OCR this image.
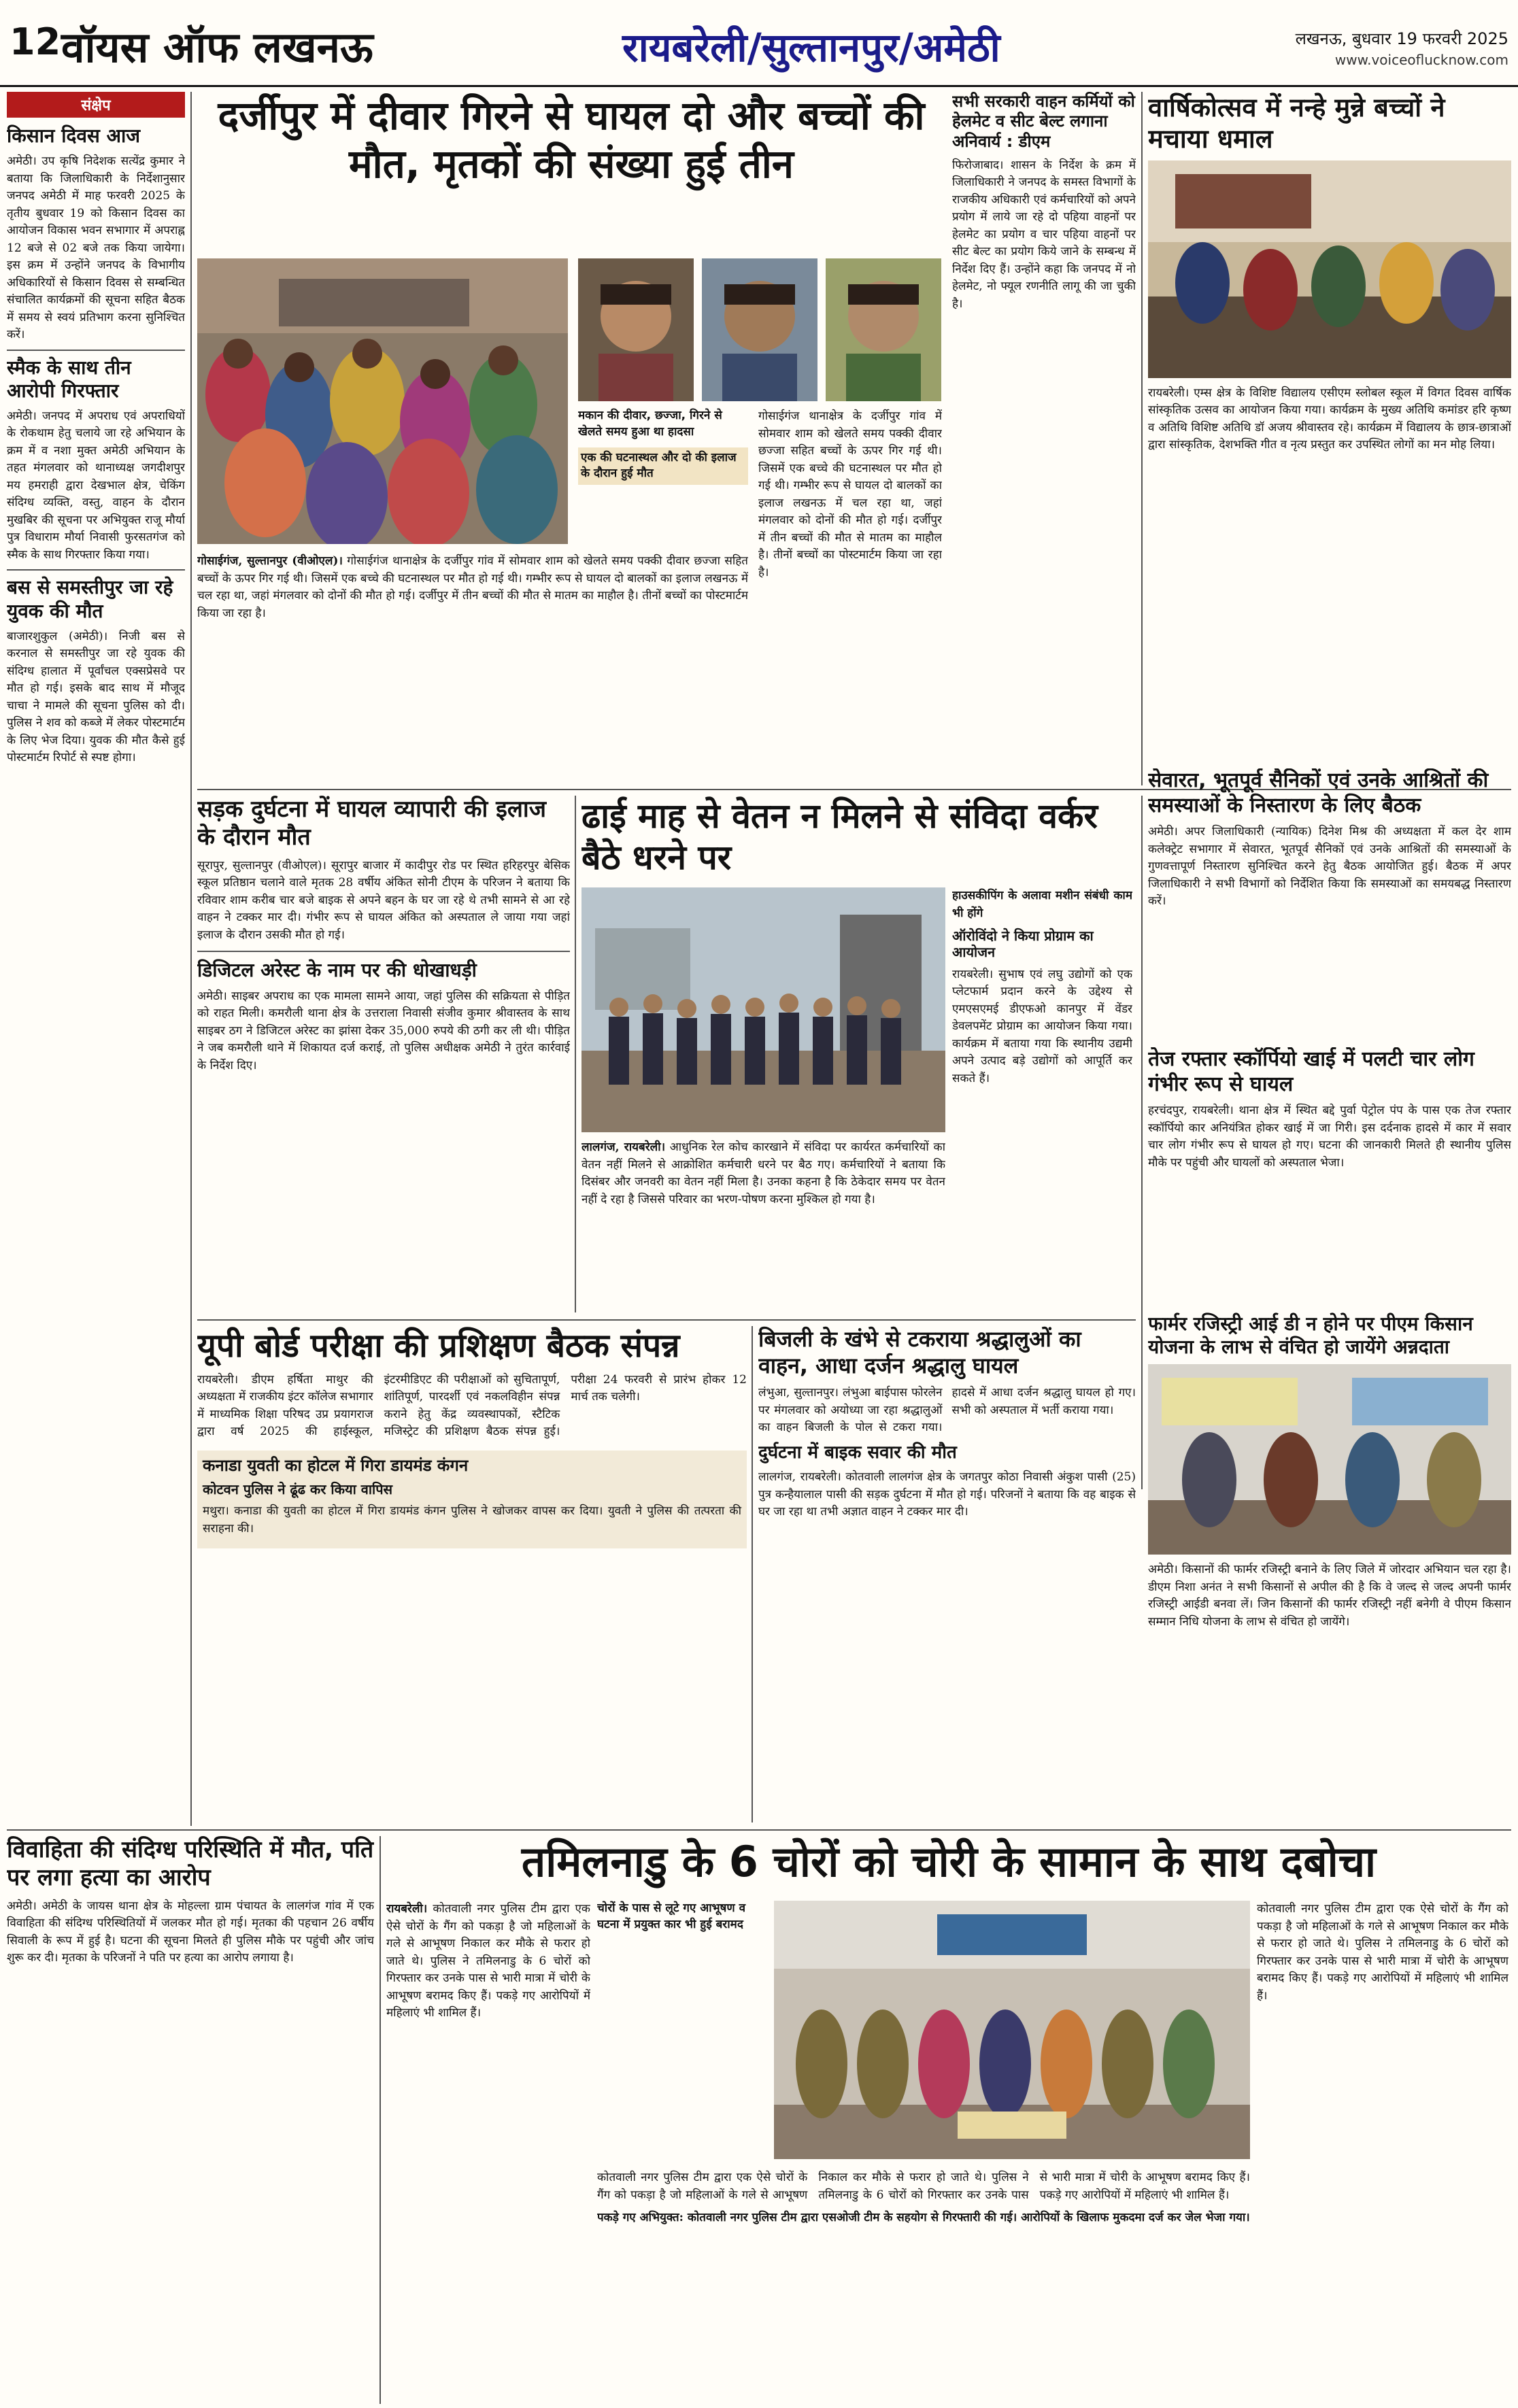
12 वॉयस ऑफ लखनऊ	रायबरेली/सुल्तानपुर/अमेठी	लखनऊ, बुधवार 19 फरवरी 2025
www.voiceoflucknow.com
संक्षेप
किसान दिवस आज

अमेठी। उप कृषि निदेशक सत्येंद्र कुमार ने बताया कि जिलाधिकारी के निर्देशानुसार जनपद अमेठी में माह फरवरी 2025 के तृतीय बुधवार 19 को किसान दिवस का आयोजन विकास भवन सभागार में अपराह्न 12 बजे से 02 बजे तक किया जायेगा। इस क्रम में उन्होंने जनपद के विभागीय अधिकारियों से किसान दिवस से सम्बन्धित संचालित कार्यक्रमों की सूचना सहित बैठक में समय से स्वयं प्रतिभाग करना सुनिश्चित करें।

स्मैक के साथ तीन आरोपी गिरफ्तार

अमेठी। जनपद में अपराध एवं अपराधियों के रोकथाम हेतु चलाये जा रहे अभियान के क्रम में व नशा मुक्त अमेठी अभियान के तहत मंगलवार को थानाध्यक्ष जगदीशपुर मय हमराही द्वारा देखभाल क्षेत्र, चेकिंग संदिग्ध व्यक्ति, वस्तु, वाहन के दौरान मुखबिर की सूचना पर अभियुक्त राजू मौर्या पुत्र विधाराम मौर्या निवासी फुरसतगंज को स्मैक के साथ गिरफ्तार किया गया।

बस से समस्तीपुर जा रहे युवक की मौत

बाजारशुकुल (अमेठी)। निजी बस से करनाल से समस्तीपुर जा रहे युवक की संदिग्ध हालात में पूर्वांचल एक्सप्रेसवे पर मौत हो गई। इसके बाद साथ में मौजूद चाचा ने मामले की सूचना पुलिस को दी। पुलिस ने शव को कब्जे में लेकर पोस्टमार्टम के लिए भेज दिया। युवक की मौत कैसे हुई पोस्टमार्टम रिपोर्ट से स्पष्ट होगा।

दर्जीपुर में दीवार गिरने से घायल दो और बच्चों की मौत, मृतकों की संख्या हुई तीन
मकान की दीवार, छज्जा, गिरने से खेलते समय हुआ था हादसा
एक की घटनास्थल और दो की इलाज के दौरान हुई मौत

गोसाईगंज थानाक्षेत्र के दर्जीपुर गांव में सोमवार शाम को खेलते समय पक्की दीवार छज्जा सहित बच्चों के ऊपर गिर गई थी। जिसमें एक बच्चे की घटनास्थल पर मौत हो गई थी। गम्भीर रूप से घायल दो बालकों का इलाज लखनऊ में चल रहा था, जहां मंगलवार को दोनों की मौत हो गई। दर्जीपुर में तीन बच्चों की मौत से मातम का माहौल है। तीनों बच्चों का पोस्टमार्टम किया जा रहा है।

गोसाईगंज, सुल्तानपुर (वीओएल)। गोसाईगंज थानाक्षेत्र के दर्जीपुर गांव में सोमवार शाम को खेलते समय पक्की दीवार छज्जा सहित बच्चों के ऊपर गिर गई थी। जिसमें एक बच्चे की घटनास्थल पर मौत हो गई थी। गम्भीर रूप से घायल दो बालकों का इलाज लखनऊ में चल रहा था, जहां मंगलवार को दोनों की मौत हो गई। दर्जीपुर में तीन बच्चों की मौत से मातम का माहौल है। तीनों बच्चों का पोस्टमार्टम किया जा रहा है।

सभी सरकारी वाहन कर्मियों को हेलमेट व सीट बेल्ट लगाना अनिवार्य : डीएम

फिरोजाबाद। शासन के निर्देश के क्रम में जिलाधिकारी ने जनपद के समस्त विभागों के राजकीय अधिकारी एवं कर्मचारियों को अपने प्रयोग में लाये जा रहे दो पहिया वाहनों पर हेलमेट का प्रयोग व चार पहिया वाहनों पर सीट बेल्ट का प्रयोग किये जाने के सम्बन्ध में निर्देश दिए हैं। उन्होंने कहा कि जनपद में नो हेलमेट, नो फ्यूल रणनीति लागू की जा चुकी है।

वार्षिकोत्सव में नन्हे मुन्ने बच्चों ने मचाया धमाल

रायबरेली। एम्स क्षेत्र के विशिष्ट विद्यालय एसीएम स्लोबल स्कूल में विगत दिवस वार्षिक सांस्कृतिक उत्सव का आयोजन किया गया। कार्यक्रम के मुख्य अतिथि कमांडर हरि कृष्ण व अतिथि विशिष्ट अतिथि डॉ अजय श्रीवास्तव रहे। कार्यक्रम में विद्यालय के छात्र-छात्राओं द्वारा सांस्कृतिक, देशभक्ति गीत व नृत्य प्रस्तुत कर उपस्थित लोगों का मन मोह लिया।

सड़क दुर्घटना में घायल व्यापारी की इलाज के दौरान मौत

सूरापुर, सुल्तानपुर (वीओएल)। सूरापुर बाजार में कादीपुर रोड पर स्थित हरिहरपुर बेसिक स्कूल प्रतिष्ठान चलाने वाले मृतक 28 वर्षीय अंकित सोनी टीएम के परिजन ने बताया कि रविवार शाम करीब चार बजे बाइक से अपने बहन के घर जा रहे थे तभी सामने से आ रहे वाहन ने टक्कर मार दी। गंभीर रूप से घायल अंकित को अस्पताल ले जाया गया जहां इलाज के दौरान उसकी मौत हो गई।

डिजिटल अरेस्ट के नाम पर की धोखाधड़ी

अमेठी। साइबर अपराध का एक मामला सामने आया, जहां पुलिस की सक्रियता से पीड़ित को राहत मिली। कमरौली थाना क्षेत्र के उत्तराला निवासी संजीव कुमार श्रीवास्तव के साथ साइबर ठग ने डिजिटल अरेस्ट का झांसा देकर 35,000 रुपये की ठगी कर ली थी। पीड़ित ने जब कमरौली थाने में शिकायत दर्ज कराई, तो पुलिस अधीक्षक अमेठी ने तुरंत कार्रवाई के निर्देश दिए।

ढाई माह से वेतन न मिलने से संविदा वर्कर बैठे धरने पर

लालगंज, रायबरेली। आधुनिक रेल कोच कारखाने में संविदा पर कार्यरत कर्मचारियों का वेतन नहीं मिलने से आक्रोशित कर्मचारी धरने पर बैठ गए। कर्मचारियों ने बताया कि दिसंबर और जनवरी का वेतन नहीं मिला है। उनका कहना है कि ठेकेदार समय पर वेतन नहीं दे रहा है जिससे परिवार का भरण-पोषण करना मुश्किल हो गया है।

हाउसकीपिंग के अलावा मशीन संबंधी काम भी होंगे

ऑरोविंदो ने किया प्रोग्राम का आयोजन

रायबरेली। सुभाष एवं लघु उद्योगों को एक प्लेटफार्म प्रदान करने के उद्देश्य से एमएसएमई डीएफओ कानपुर में वेंडर डेवलपमेंट प्रोग्राम का आयोजन किया गया। कार्यक्रम में बताया गया कि स्थानीय उद्यमी अपने उत्पाद बड़े उद्योगों को आपूर्ति कर सकते हैं।

सेवारत, भूतपूर्व सैनिकों एवं उनके आश्रितों की समस्याओं के निस्तारण के लिए बैठक

अमेठी। अपर जिलाधिकारी (न्यायिक) दिनेश मिश्र की अध्यक्षता में कल देर शाम कलेक्ट्रेट सभागार में सेवारत, भूतपूर्व सैनिकों एवं उनके आश्रितों की समस्याओं के गुणवत्तापूर्ण निस्तारण सुनिश्चित करने हेतु बैठक आयोजित हुई। बैठक में अपर जिलाधिकारी ने सभी विभागों को निर्देशित किया कि समस्याओं का समयबद्ध निस्तारण करें।

तेज रफ्तार स्कॉर्पियो खाई में पलटी चार लोग गंभीर रूप से घायल

हरचंदपुर, रायबरेली। थाना क्षेत्र में स्थित बद्दे पुर्वा पेट्रोल पंप के पास एक तेज रफ्तार स्कॉर्पियो कार अनियंत्रित होकर खाई में जा गिरी। इस दर्दनाक हादसे में कार में सवार चार लोग गंभीर रूप से घायल हो गए। घटना की जानकारी मिलते ही स्थानीय पुलिस मौके पर पहुंची और घायलों को अस्पताल भेजा।

फार्मर रजिस्ट्री आई डी न होने पर पीएम किसान योजना के लाभ से वंचित हो जायेंगे अन्नदाता

अमेठी। किसानों की फार्मर रजिस्ट्री बनाने के लिए जिले में जोरदार अभियान चल रहा है। डीएम निशा अनंत ने सभी किसानों से अपील की है कि वे जल्द से जल्द अपनी फार्मर रजिस्ट्री आईडी बनवा लें। जिन किसानों की फार्मर रजिस्ट्री नहीं बनेगी वे पीएम किसान सम्मान निधि योजना के लाभ से वंचित हो जायेंगे।

यूपी बोर्ड परीक्षा की प्रशिक्षण बैठक संपन्न

रायबरेली। डीएम हर्षिता माथुर की अध्यक्षता में राजकीय इंटर कॉलेज सभागार में माध्यमिक शिक्षा परिषद उप्र प्रयागराज द्वारा वर्ष 2025 की हाईस्कूल, इंटरमीडिएट की परीक्षाओं को सुचितापूर्ण, शांतिपूर्ण, पारदर्शी एवं नकलविहीन संपन्न कराने हेतु केंद्र व्यवस्थापकों, स्टैटिक मजिस्ट्रेट की प्रशिक्षण बैठक संपन्न हुई। परीक्षा 24 फरवरी से प्रारंभ होकर 12 मार्च तक चलेगी।

कनाडा युवती का होटल में गिरा डायमंड कंगन
कोटवन पुलिस ने ढूंढ कर किया वापिस

मथुरा। कनाडा की युवती का होटल में गिरा डायमंड कंगन पुलिस ने खोजकर वापस कर दिया। युवती ने पुलिस की तत्परता की सराहना की।

बिजली के खंभे से टकराया श्रद्धालुओं का वाहन, आधा दर्जन श्रद्धालु घायल

लंभुआ, सुल्तानपुर। लंभुआ बाईपास फोरलेन पर मंगलवार को अयोध्या जा रहा श्रद्धालुओं का वाहन बिजली के पोल से टकरा गया। हादसे में आधा दर्जन श्रद्धालु घायल हो गए। सभी को अस्पताल में भर्ती कराया गया।

दुर्घटना में बाइक सवार की मौत

लालगंज, रायबरेली। कोतवाली लालगंज क्षेत्र के जगतपुर कोठा निवासी अंकुश पासी (25) पुत्र कन्हैयालाल पासी की सड़क दुर्घटना में मौत हो गई। परिजनों ने बताया कि वह बाइक से घर जा रहा था तभी अज्ञात वाहन ने टक्कर मार दी।

विवाहिता की संदिग्ध परिस्थिति में मौत, पति पर लगा हत्या का आरोप

अमेठी। अमेठी के जायस थाना क्षेत्र के मोहल्ला ग्राम पंचायत के लालगंज गांव में एक विवाहिता की संदिग्ध परिस्थितियों में जलकर मौत हो गई। मृतका की पहचान 26 वर्षीय सिवाली के रूप में हुई है। घटना की सूचना मिलते ही पुलिस मौके पर पहुंची और जांच शुरू कर दी। मृतका के परिजनों ने पति पर हत्या का आरोप लगाया है।

तमिलनाडु के 6 चोरों को चोरी के सामान के साथ दबोचा

रायबरेली। कोतवाली नगर पुलिस टीम द्वारा एक ऐसे चोरों के गैंग को पकड़ा है जो महिलाओं के गले से आभूषण निकाल कर मौके से फरार हो जाते थे। पुलिस ने तमिलनाडु के 6 चोरों को गिरफ्तार कर उनके पास से भारी मात्रा में चोरी के आभूषण बरामद किए हैं। पकड़े गए आरोपियों में महिलाएं भी शामिल हैं।

चोरों के पास से लूटे गए आभूषण व घटना में प्रयुक्त कार भी हुई बरामद

कोतवाली नगर पुलिस टीम द्वारा एक ऐसे चोरों के गैंग को पकड़ा है जो महिलाओं के गले से आभूषण निकाल कर मौके से फरार हो जाते थे। पुलिस ने तमिलनाडु के 6 चोरों को गिरफ्तार कर उनके पास से भारी मात्रा में चोरी के आभूषण बरामद किए हैं। पकड़े गए आरोपियों में महिलाएं भी शामिल हैं।

कोतवाली नगर पुलिस टीम द्वारा एक ऐसे चोरों के गैंग को पकड़ा है जो महिलाओं के गले से आभूषण निकाल कर मौके से फरार हो जाते थे। पुलिस ने तमिलनाडु के 6 चोरों को गिरफ्तार कर उनके पास से भारी मात्रा में चोरी के आभूषण बरामद किए हैं। पकड़े गए आरोपियों में महिलाएं भी शामिल हैं।

पकड़े गए अभियुक्त: कोतवाली नगर पुलिस टीम द्वारा एसओजी टीम के सहयोग से गिरफ्तारी की गई। आरोपियों के खिलाफ मुकदमा दर्ज कर जेल भेजा गया।
